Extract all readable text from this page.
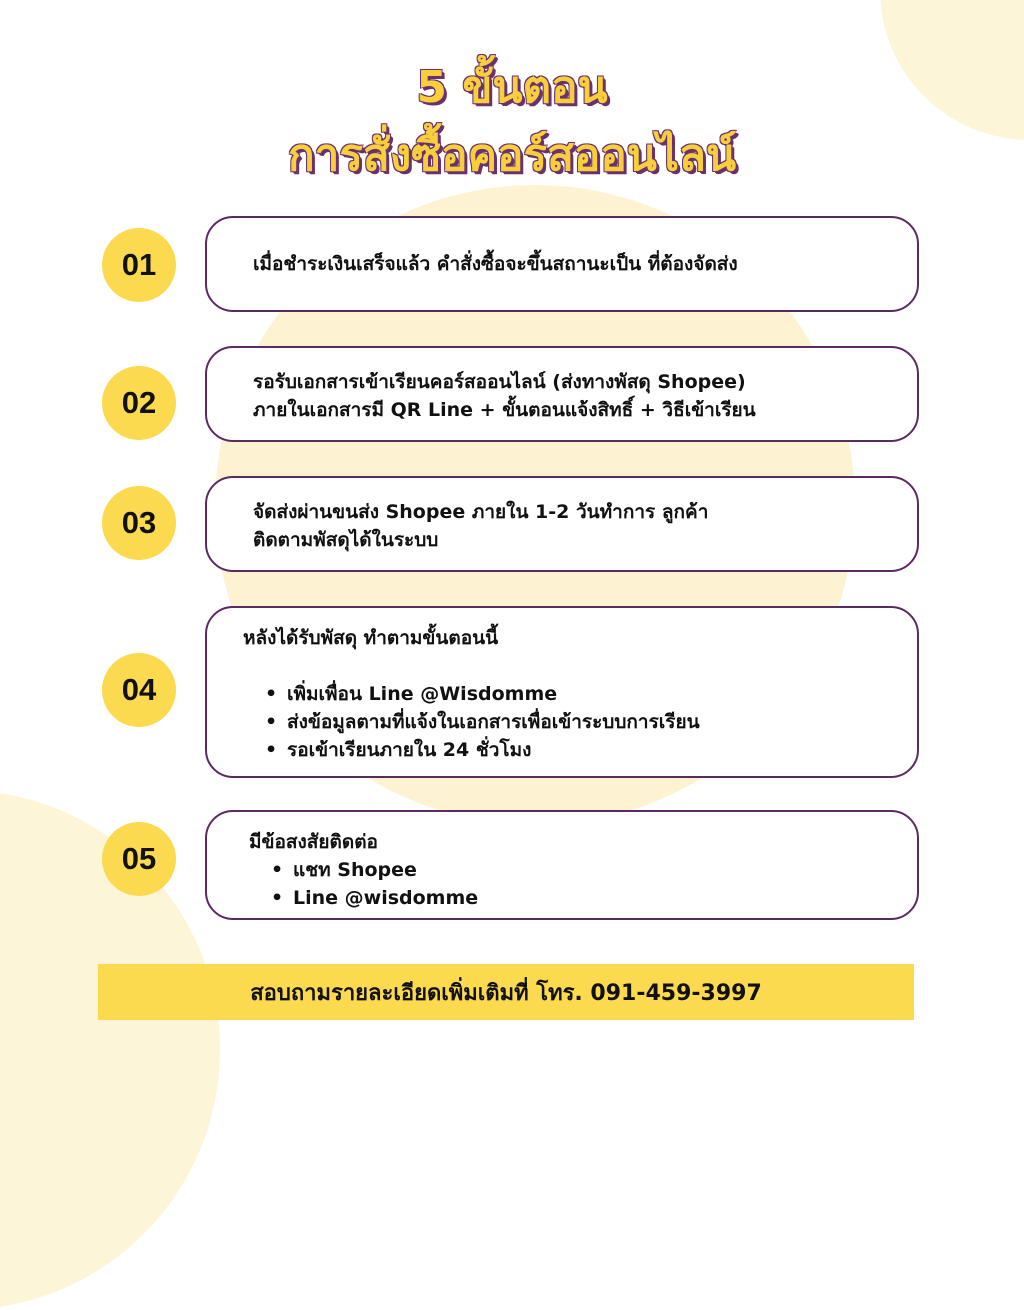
5 ขั้นตอน
การสั่งซื้อคอร์สออนไลน์
01	เมื่อชำระเงินเสร็จแล้ว คำสั่งซื้อจะขึ้นสถานะเป็น ที่ต้องจัดส่ง

02

รอรับเอกสารเข้าเรียนคอร์สออนไลน์ (ส่งทางพัสดุ Shopee)

ภายในเอกสารมี QR Line + ขั้นตอนแจ้งสิทธิ์ + วิธีเข้าเรียน

03	จัดส่งผ่านขนส่ง Shopee ภายใน 1-2 วันทำการ ลูกค้า

ติดตามพัสดุได้ในระบบ

04

หลังได้รับพัสดุ ทำตามขั้นตอนนี้

• เพิ่มเพื่อน Line @Wisdomme
• ส่งข้อมูลตามที่แจ้งในเอกสารเพื่อเข้าระบบการเรียน
• รอเข้าเรียนภายใน 24 ชั่วโมง
05	มีข้อสงสัยติดต่อ

• แชท Shopee
• Line @wisdomme
สอบถามรายละเอียดเพิ่มเติมที่ โทร. 091-459-3997
